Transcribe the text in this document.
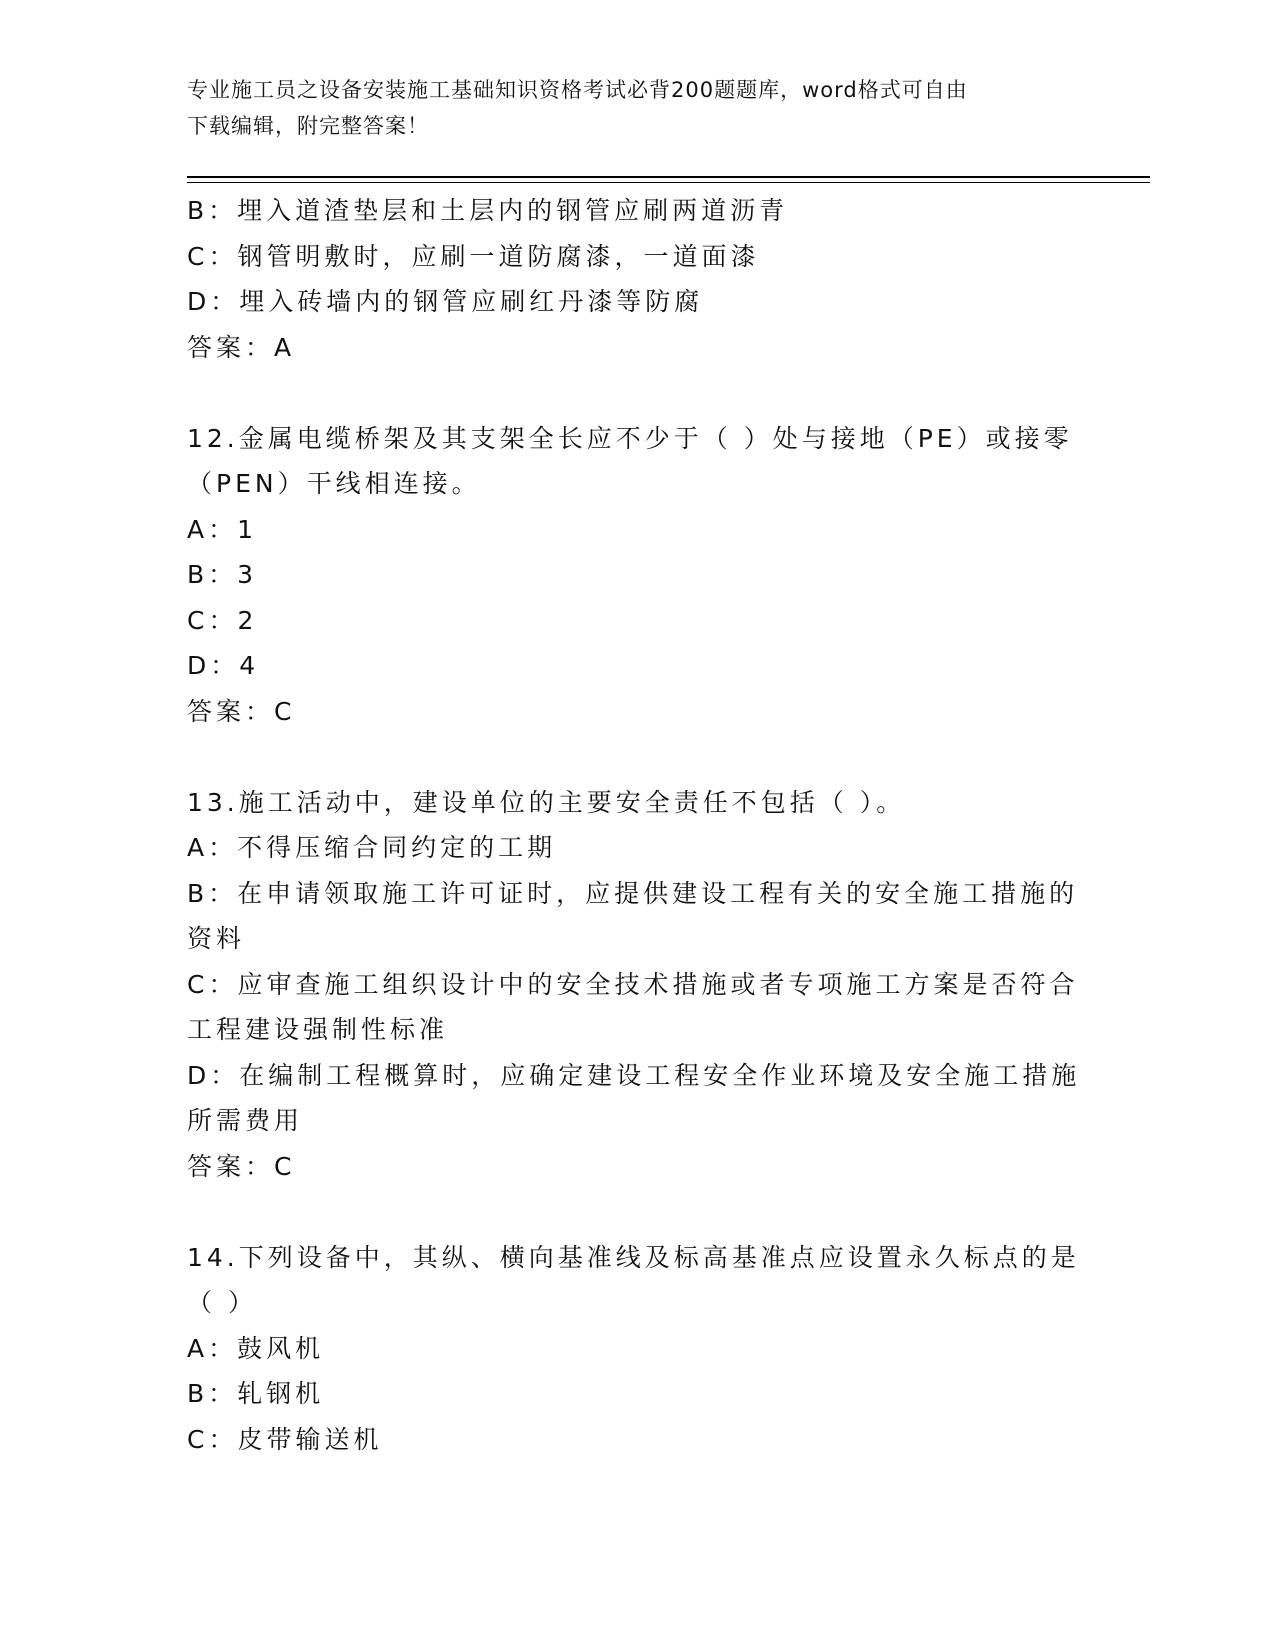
专业施工员之设备安装施工基础知识资格考试必背200题题库，word格式可自由
下载编辑，附完整答案！
B：埋入道渣垫层和土层内的钢管应刷两道沥青
C：钢管明敷时，应刷一道防腐漆，一道面漆
D：埋入砖墙内的钢管应刷红丹漆等防腐
答案：A
12.金属电缆桥架及其支架全长应不少于（ ）处与接地（PE）或接零
（PEN）干线相连接。
A：1
B：3
C：2
D：4
答案：C
13.施工活动中，建设单位的主要安全责任不包括（ ）。
A：不得压缩合同约定的工期
B：在申请领取施工许可证时，应提供建设工程有关的安全施工措施的
资料
C：应审查施工组织设计中的安全技术措施或者专项施工方案是否符合
工程建设强制性标准
D：在编制工程概算时，应确定建设工程安全作业环境及安全施工措施
所需费用
答案：C
14.下列设备中，其纵、横向基准线及标高基准点应设置永久标点的是
（ ）
A：鼓风机
B：轧钢机
C：皮带输送机
